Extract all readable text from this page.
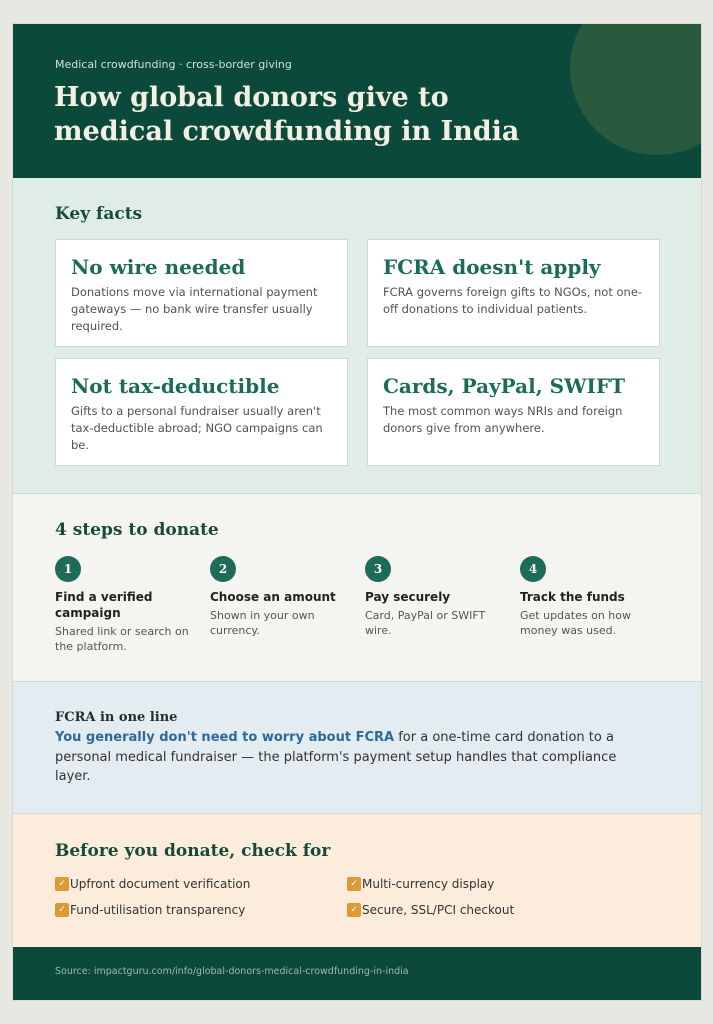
Medical crowdfunding · cross-border giving
How global donors give to medical crowdfunding in India
Key facts
No wire needed
Donations move via international payment gateways — no bank wire transfer usually required.
FCRA doesn't apply
FCRA governs foreign gifts to NGOs, not one-off donations to individual patients.
Not tax-deductible
Gifts to a personal fundraiser usually aren't tax-deductible abroad; NGO campaigns can be.
Cards, PayPal, SWIFT
The most common ways NRIs and foreign donors give from anywhere.
4 steps to donate
1
Find a verified campaign
Shared link or search on the platform.
2
Choose an amount
Shown in your own currency.
3
Pay securely
Card, PayPal or SWIFT wire.
4
Track the funds
Get updates on how money was used.
FCRA in one line
You generally don't need to worry about FCRA for a one-time card donation to a personal medical fundraiser — the platform's payment setup handles that compliance layer.
Before you donate, check for
✓ Upfront document verification	✓ Multi-currency display
✓ Fund-utilisation transparency	✓ Secure, SSL/PCI checkout
Source: impactguru.com/info/global-donors-medical-crowdfunding-in-india
